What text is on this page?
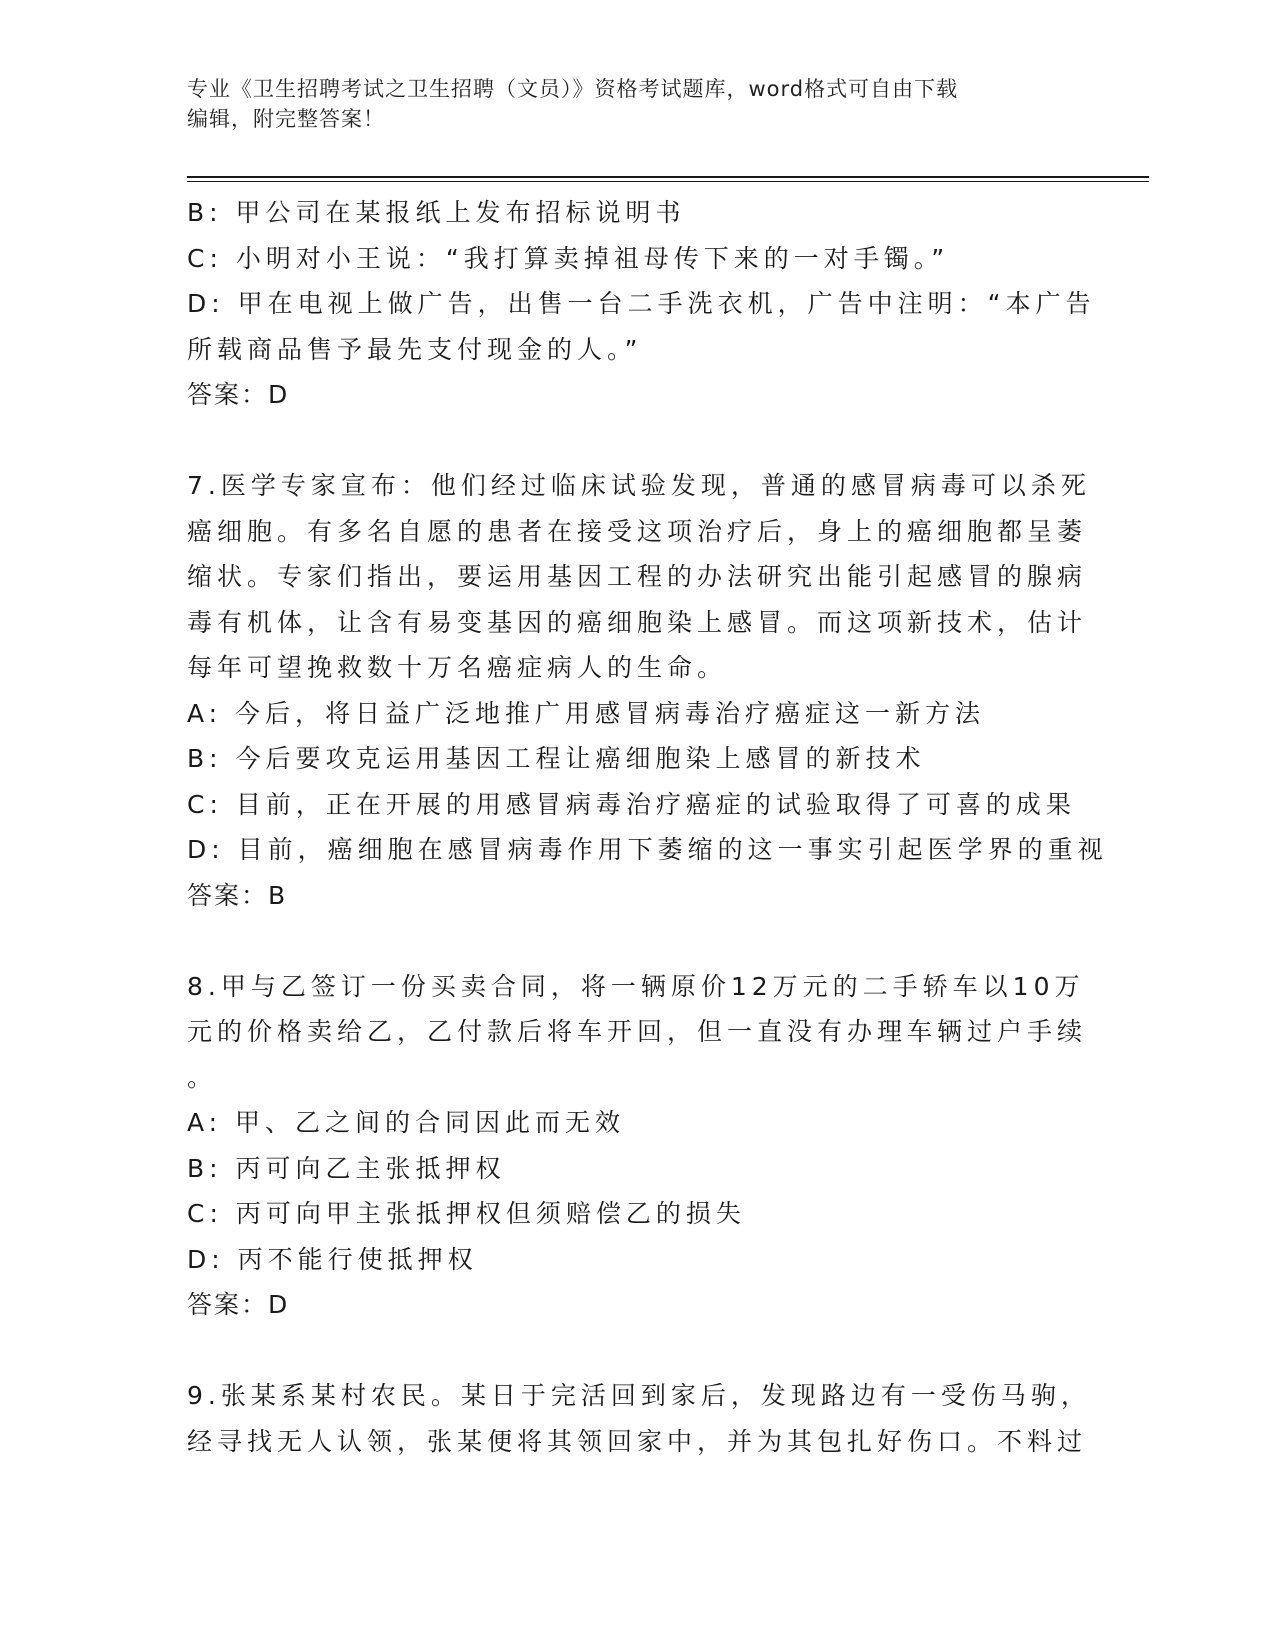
专业《卫生招聘考试之卫生招聘（文员）》资格考试题库，word格式可自由下载
编辑，附完整答案！
B: 甲公司在某报纸上发布招标说明书
C: 小明对小王说：“我打算卖掉祖母传下来的一对手镯。”
D: 甲在电视上做广告，出售一台二手洗衣机，广告中注明：“本广告
所载商品售予最先支付现金的人。”
答案：D
7.医学专家宣布：他们经过临床试验发现，普通的感冒病毒可以杀死
癌细胞。有多名自愿的患者在接受这项治疗后，身上的癌细胞都呈萎
缩状。专家们指出，要运用基因工程的办法研究出能引起感冒的腺病
毒有机体，让含有易变基因的癌细胞染上感冒。而这项新技术，估计
每年可望挽救数十万名癌症病人的生命。
A: 今后，将日益广泛地推广用感冒病毒治疗癌症这一新方法
B: 今后要攻克运用基因工程让癌细胞染上感冒的新技术
C: 目前，正在开展的用感冒病毒治疗癌症的试验取得了可喜的成果
D: 目前，癌细胞在感冒病毒作用下萎缩的这一事实引起医学界的重视
答案：B
8.甲与乙签订一份买卖合同，将一辆原价12万元的二手轿车以10万
元的价格卖给乙，乙付款后将车开回，但一直没有办理车辆过户手续
。
A: 甲、乙之间的合同因此而无效
B: 丙可向乙主张抵押权
C: 丙可向甲主张抵押权但须赔偿乙的损失
D: 丙不能行使抵押权
答案：D
9.张某系某村农民。某日于完活回到家后，发现路边有一受伤马驹，
经寻找无人认领，张某便将其领回家中，并为其包扎好伤口。不料过
